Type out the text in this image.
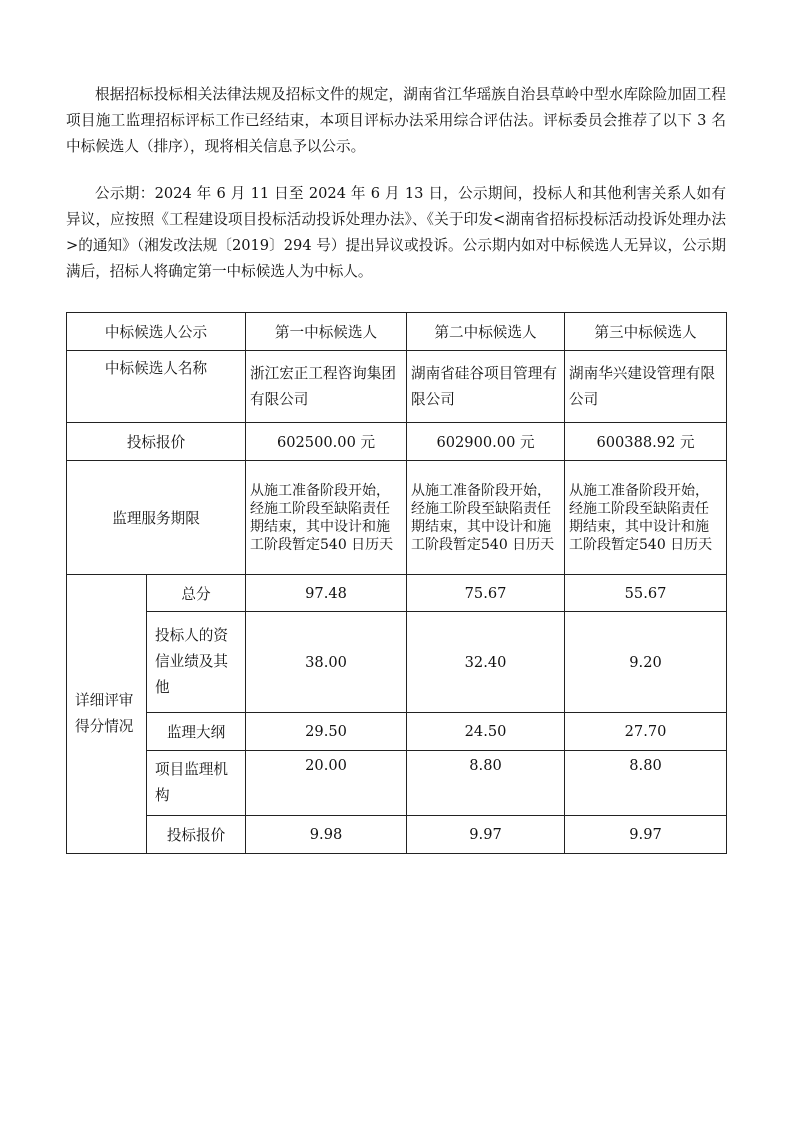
根据招标投标相关法律法规及招标文件的规定，湖南省江华瑶族自治县草岭中型水库除险加固工程项目施工监理招标评标工作已经结束，本项目评标办法采用综合评估法。评标委员会推荐了以下 3 名中标候选人（排序），现将相关信息予以公示。

公示期：2024 年 6 月 11 日至 2024 年 6 月 13 日，公示期间，投标人和其他利害关系人如有异议，应按照《工程建设项目投标活动投诉处理办法》、《关于印发<湖南省招标投标活动投诉处理办法>的通知》（湘发改法规〔2019〕294 号）提出异议或投诉。公示期内如对中标候选人无异议，公示期满后，招标人将确定第一中标候选人为中标人。

中标候选人公示		第一中标候选人	第二中标候选人	第三中标候选人
中标候选人名称		浙江宏正工程咨询集团有限公司	湖南省硅谷项目管理有限公司	湖南华兴建设管理有限公司
投标报价		602500.00 元	602900.00 元	600388.92 元
监理服务期限		从施工准备阶段开始，经施工阶段至缺陷责任期结束，其中设计和施工阶段暂定540 日历天	从施工准备阶段开始，经施工阶段至缺陷责任期结束，其中设计和施工阶段暂定540 日历天	从施工准备阶段开始，经施工阶段至缺陷责任期结束，其中设计和施工阶段暂定540 日历天
详细评审得分情况	总分	97.48	75.67	55.67
	投标人的资信业绩及其他	38.00	32.40	9.20
	监理大纲	29.50	24.50	27.70
	项目监理机构	20.00	8.80	8.80
	投标报价	9.98	9.97	9.97
